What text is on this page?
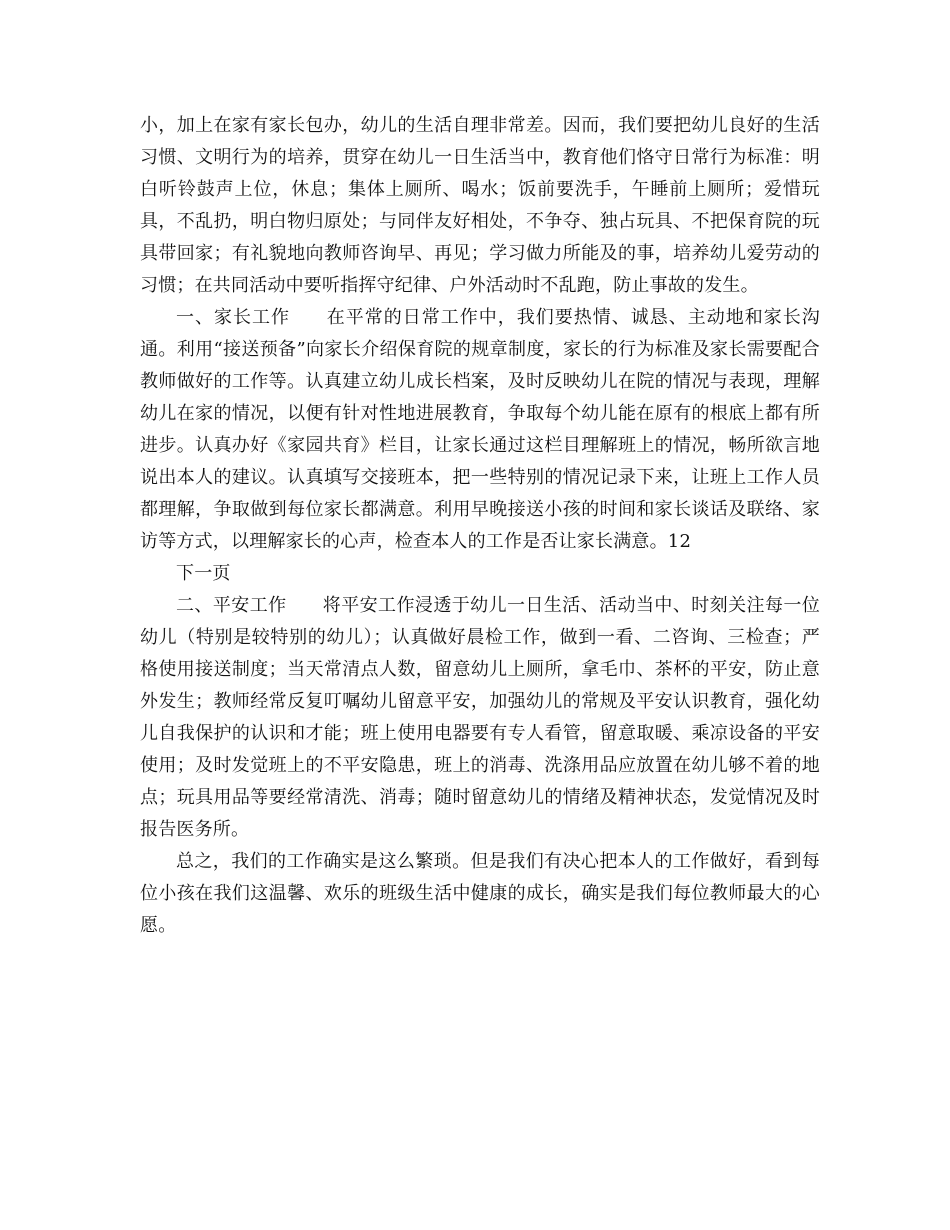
小，加上在家有家长包办，幼儿的生活自理非常差。因而，我们要把幼儿良好的生活习惯、文明行为的培养，贯穿在幼儿一日生活当中，教育他们恪守日常行为标准：明白听铃鼓声上位，休息；集体上厕所、喝水；饭前要洗手，午睡前上厕所；爱惜玩具，不乱扔，明白物归原处；与同伴友好相处，不争夺、独占玩具、不把保育院的玩具带回家；有礼貌地向教师咨询早、再见；学习做力所能及的事，培养幼儿爱劳动的习惯；在共同活动中要听指挥守纪律、户外活动时不乱跑，防止事故的发生。

一、家长工作 在平常的日常工作中，我们要热情、诚恳、主动地和家长沟通。利用“接送预备”向家长介绍保育院的规章制度，家长的行为标准及家长需要配合教师做好的工作等。认真建立幼儿成长档案，及时反映幼儿在院的情况与表现，理解幼儿在家的情况，以便有针对性地进展教育，争取每个幼儿能在原有的根底上都有所进步。认真办好《家园共育》栏目，让家长通过这栏目理解班上的情况，畅所欲言地说出本人的建议。认真填写交接班本，把一些特别的情况记录下来，让班上工作人员都理解，争取做到每位家长都满意。利用早晚接送小孩的时间和家长谈话及联络、家访等方式，以理解家长的心声，检查本人的工作是否让家长满意。12
下一页

二、平安工作 将平安工作浸透于幼儿一日生活、活动当中、时刻关注每一位幼儿（特别是较特别的幼儿）；认真做好晨检工作，做到一看、二咨询、三检查；严格使用接送制度；当天常清点人数，留意幼儿上厕所，拿毛巾、茶杯的平安，防止意外发生；教师经常反复叮嘱幼儿留意平安，加强幼儿的常规及平安认识教育，强化幼儿自我保护的认识和才能；班上使用电器要有专人看管，留意取暖、乘凉设备的平安使用；及时发觉班上的不平安隐患，班上的消毒、洗涤用品应放置在幼儿够不着的地点；玩具用品等要经常清洗、消毒；随时留意幼儿的情绪及精神状态，发觉情况及时报告医务所。

总之，我们的工作确实是这么繁琐。但是我们有决心把本人的工作做好，看到每位小孩在我们这温馨、欢乐的班级生活中健康的成长，确实是我们每位教师最大的心愿。
